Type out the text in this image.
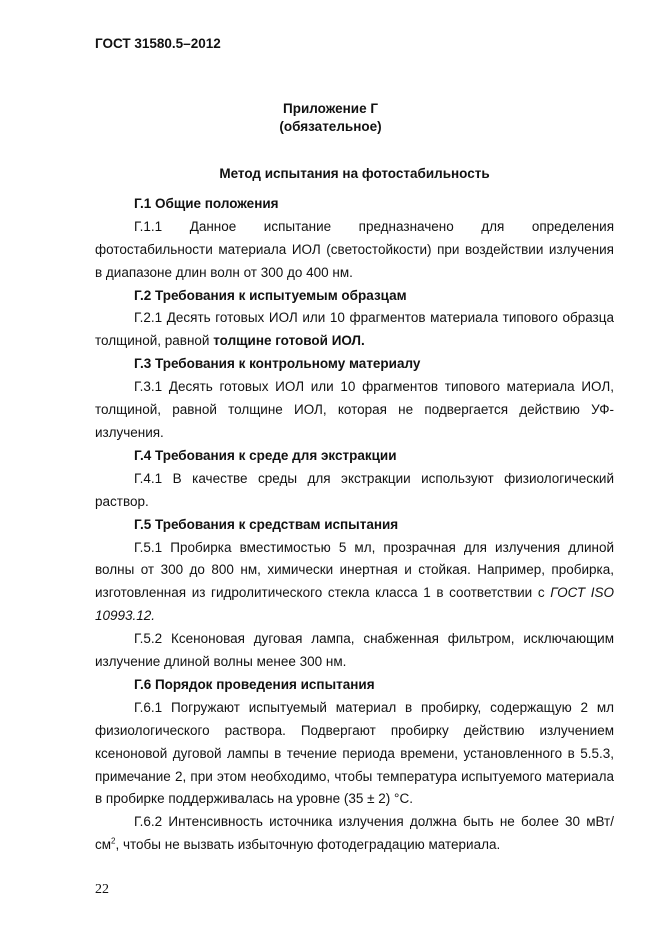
ГОСТ 31580.5–2012
Приложение Г
(обязательное)
Метод испытания на фотостабильность
Г.1 Общие положения

Г.1.1 Данное испытание предназначено для определения фотостабильности материала ИОЛ (светостойкости) при воздействии излучения в диапазоне длин волн от 300 до 400 нм.

Г.2 Требования к испытуемым образцам

Г.2.1 Десять готовых ИОЛ или 10 фрагментов материала типового образца толщиной, равной толщине готовой ИОЛ.

Г.3 Требования к контрольному материалу

Г.3.1 Десять готовых ИОЛ или 10 фрагментов типового материала ИОЛ, толщиной, равной толщине ИОЛ, которая не подвергается действию УФ-излучения.

Г.4 Требования к среде для экстракции

Г.4.1 В качестве среды для экстракции используют физиологический раствор.

Г.5 Требования к средствам испытания

Г.5.1 Пробирка вместимостью 5 мл, прозрачная для излучения длиной волны от 300 до 800 нм, химически инертная и стойкая. Например, пробирка, изготовленная из гидролитического стекла класса 1 в соответствии с ГОСТ ISO 10993.12.

Г.5.2 Ксеноновая дуговая лампа, снабженная фильтром, исключающим излучение длиной волны менее 300 нм.

Г.6 Порядок проведения испытания

Г.6.1 Погружают испытуемый материал в пробирку, содержащую 2 мл физиологического раствора. Подвергают пробирку действию излучением ксеноновой дуговой лампы в течение периода времени, установленного в 5.5.3, примечание 2, при этом необходимо, чтобы температура испытуемого материала в пробирке поддерживалась на уровне (35 ± 2) °С.

Г.6.2 Интенсивность источника излучения должна быть не более 30 мВт/$см^2$, чтобы не вызвать избыточную фотодеградацию материала.

22
